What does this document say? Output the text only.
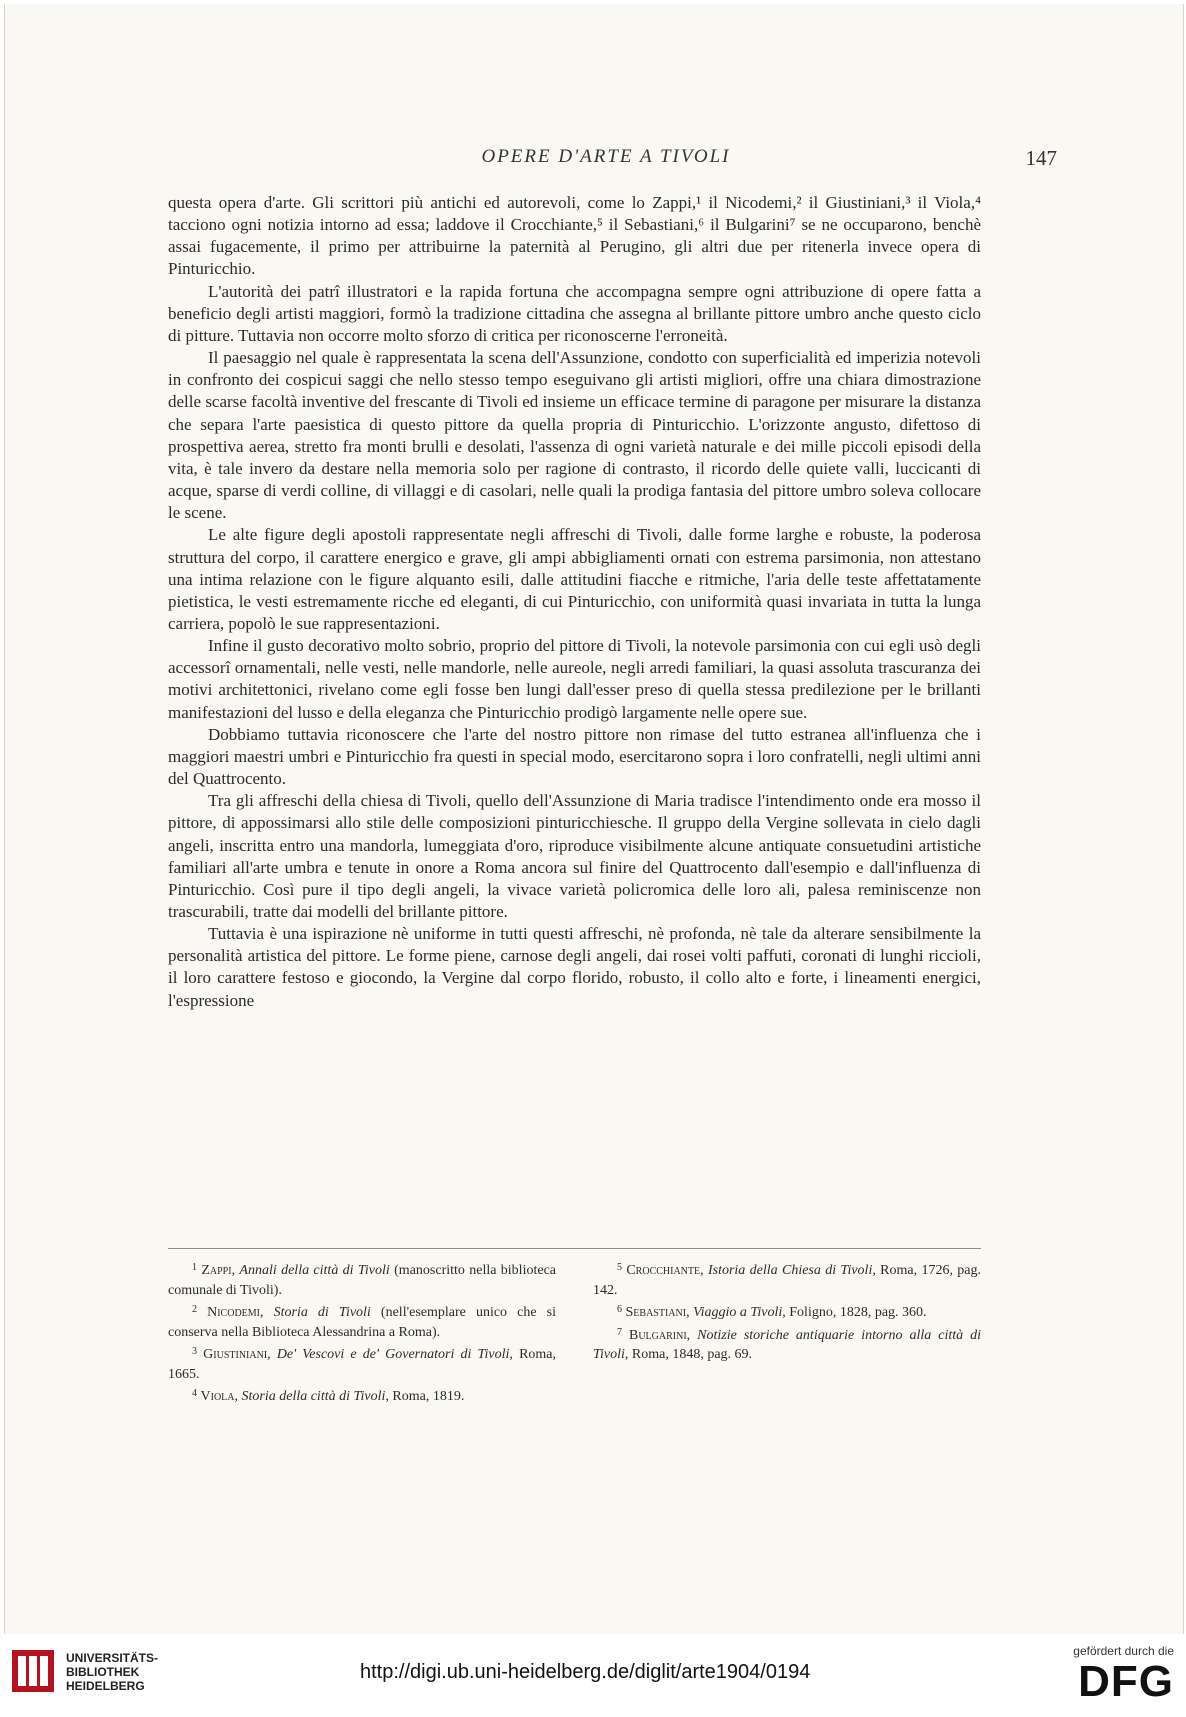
OPERE D'ARTE A TIVOLI	147

questa opera d'arte. Gli scrittori più antichi ed autorevoli, come lo Zappi,¹ il Nicodemi,² il Giustiniani,³ il Viola,⁴ tacciono ogni notizia intorno ad essa; laddove il Crocchiante,⁵ il Sebastiani,⁶ il Bulgarini⁷ se ne occuparono, benchè assai fugacemente, il primo per attribuirne la paternità al Perugino, gli altri due per ritenerla invece opera di Pinturicchio.

L'autorità dei patrî illustratori e la rapida fortuna che accompagna sempre ogni attribuzione di opere fatta a beneficio degli artisti maggiori, formò la tradizione cittadina che assegna al brillante pittore umbro anche questo ciclo di pitture. Tuttavia non occorre molto sforzo di critica per riconoscerne l'erroneità.

Il paesaggio nel quale è rappresentata la scena dell'Assunzione, condotto con superficialità ed imperizia notevoli in confronto dei cospicui saggi che nello stesso tempo eseguivano gli artisti migliori, offre una chiara dimostrazione delle scarse facoltà inventive del frescante di Tivoli ed insieme un efficace termine di paragone per misurare la distanza che separa l'arte paesistica di questo pittore da quella propria di Pinturicchio. L'orizzonte angusto, difettoso di prospettiva aerea, stretto fra monti brulli e desolati, l'assenza di ogni varietà naturale e dei mille piccoli episodi della vita, è tale invero da destare nella memoria solo per ragione di contrasto, il ricordo delle quiete valli, luccicanti di acque, sparse di verdi colline, di villaggi e di casolari, nelle quali la prodiga fantasia del pittore umbro soleva collocare le scene.

Le alte figure degli apostoli rappresentate negli affreschi di Tivoli, dalle forme larghe e robuste, la poderosa struttura del corpo, il carattere energico e grave, gli ampi abbigliamenti ornati con estrema parsimonia, non attestano una intima relazione con le figure alquanto esili, dalle attitudini fiacche e ritmiche, l'aria delle teste affettatamente pietistica, le vesti estremamente ricche ed eleganti, di cui Pinturicchio, con uniformità quasi invariata in tutta la lunga carriera, popolò le sue rappresentazioni.

Infine il gusto decorativo molto sobrio, proprio del pittore di Tivoli, la notevole parsimonia con cui egli usò degli accessorî ornamentali, nelle vesti, nelle mandorle, nelle aureole, negli arredi familiari, la quasi assoluta trascuranza dei motivi architettonici, rivelano come egli fosse ben lungi dall'esser preso di quella stessa predilezione per le brillanti manifestazioni del lusso e della eleganza che Pinturicchio prodigò largamente nelle opere sue.

Dobbiamo tuttavia riconoscere che l'arte del nostro pittore non rimase del tutto estranea all'influenza che i maggiori maestri umbri e Pinturicchio fra questi in special modo, esercitarono sopra i loro confratelli, negli ultimi anni del Quattrocento.

Tra gli affreschi della chiesa di Tivoli, quello dell'Assunzione di Maria tradisce l'intendimento onde era mosso il pittore, di appossimarsi allo stile delle composizioni pinturicchiesche. Il gruppo della Vergine sollevata in cielo dagli angeli, inscritta entro una mandorla, lumeggiata d'oro, riproduce visibilmente alcune antiquate consuetudini artistiche familiari all'arte umbra e tenute in onore a Roma ancora sul finire del Quattrocento dall'esempio e dall'influenza di Pinturicchio. Così pure il tipo degli angeli, la vivace varietà policromica delle loro ali, palesa reminiscenze non trascurabili, tratte dai modelli del brillante pittore.

Tuttavia è una ispirazione nè uniforme in tutti questi affreschi, nè profonda, nè tale da alterare sensibilmente la personalità artistica del pittore. Le forme piene, carnose degli angeli, dai rosei volti paffuti, coronati di lunghi riccioli, il loro carattere festoso e giocondo, la Vergine dal corpo florido, robusto, il collo alto e forte, i lineamenti energici, l'espressione

$^1$ Zappi, Annali della città di Tivoli (manoscritto nella biblioteca comunale di Tivoli).

$^2$ Nicodemi, Storia di Tivoli (nell'esemplare unico che si conserva nella Biblioteca Alessandrina a Roma).

$^3$ Giustiniani, De' Vescovi e de' Governatori di Tivoli, Roma, 1665.

$^4$ Viola, Storia della città di Tivoli, Roma, 1819.

$^5$ Crocchiante, Istoria della Chiesa di Tivoli, Roma, 1726, pag. 142.

$^6$ Sebastiani, Viaggio a Tivoli, Foligno, 1828, pag. 360.

$^7$ Bulgarini, Notizie storiche antiquarie intorno alla città di Tivoli, Roma, 1848, pag. 69.

UNIVERSITÄTS-
BIBLIOTHEK
HEIDELBERG
http://digi.ub.uni-heidelberg.de/diglit/arte1904/0194
gefördert durch die
DFG
